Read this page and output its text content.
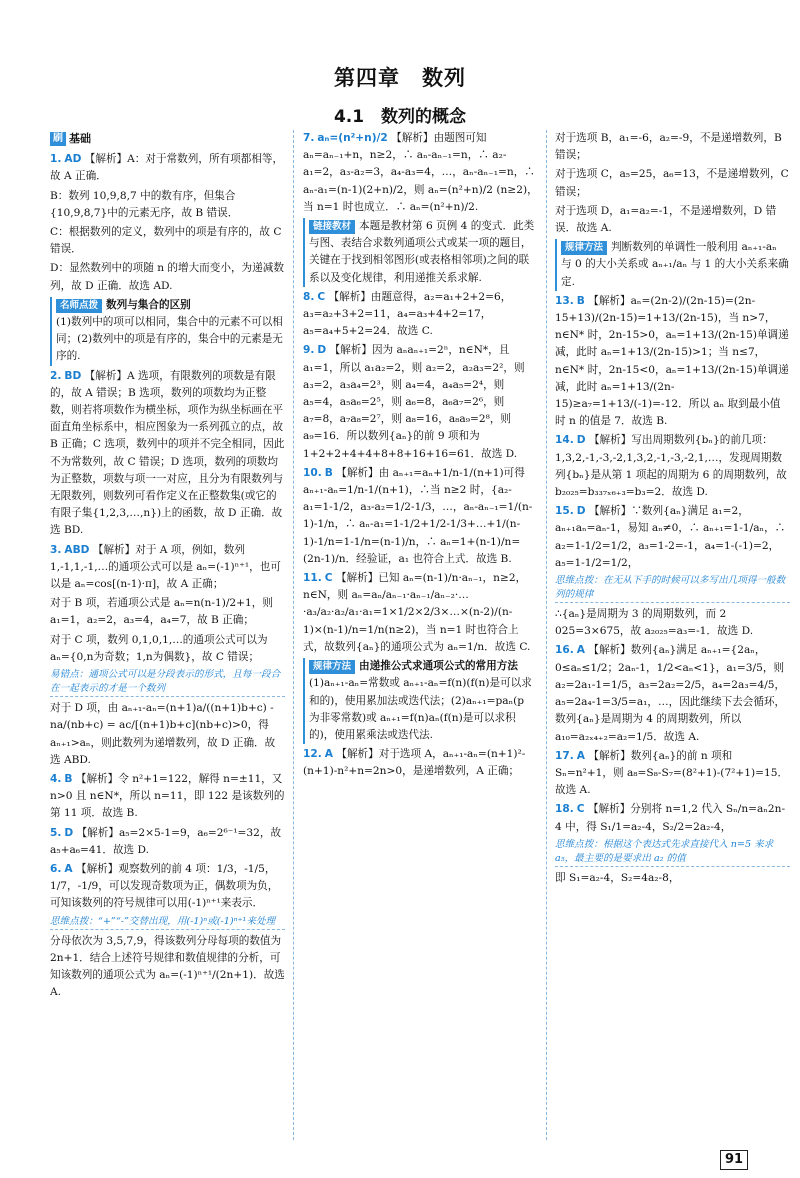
第四章　数列
4.1　数列的概念
刷 基础
1. AD 【解析】A：对于常数列，所有项都相等，故 A 正确．
B：数列 10,9,8,7 中的数有序，但集合{10,9,8,7}中的元素无序，故 B 错误．
C：根据数列的定义，数列中的项是有序的，故 C 错误．
D：显然数列中的项随 n 的增大而变小，为递减数列，故 D 正确．故选 AD.
名师点拨 数列与集合的区别
(1)数列中的项可以相同，集合中的元素不可以相同；(2)数列中的项是有序的，集合中的元素是无序的.
2. BD 【解析】A 选项，有限数列的项数是有限的，故 A 错误；B 选项，数列的项数均为正整数，则若将项数作为横坐标，项作为纵坐标画在平面直角坐标系中，相应图象为一系列孤立的点，故 B 正确；C 选项，数列中的项并不完全相同，因此不为常数列，故 C 错误；D 选项，数列的项数均为正整数，项数与项一一对应，且分为有限数列与无限数列，则数列可看作定义在正整数集(或它的有限子集{1,2,3,…,n})上的函数，故 D 正确．故选 BD.
3. ABD 【解析】对于 A 项，例如，数列 1,-1,1,-1,…的通项公式可以是 aₙ=(-1)ⁿ⁺¹，也可以是 aₙ=cos[(n-1)·π]，故 A 正确；
对于 B 项，若通项公式是 aₙ=n(n-1)/2+1，则 a₁=1，a₂=2，a₃=4，a₄=7，故 B 正确；
对于 C 项，数列 0,1,0,1,…的通项公式可以为 aₙ={0,n为奇数；1,n为偶数}，故 C 错误；
易错点：通项公式可以是分段表示的形式，且每一段合在一起表示的才是一个数列
对于 D 项，由 aₙ₊₁-aₙ=(n+1)a/((n+1)b+c) - na/(nb+c) = ac/[(n+1)b+c](nb+c)>0，得 aₙ₊₁>aₙ，则此数列为递增数列，故 D 正确．故选 ABD.
4. B 【解析】令 n²+1=122，解得 n=±11，又 n>0 且 n∈N*，所以 n=11，即 122 是该数列的第 11 项．故选 B.
5. D 【解析】a₅=2×5-1=9，a₆=2⁶⁻¹=32，故 a₅+a₆=41．故选 D.
6. A 【解析】观察数列的前 4 项：1/3，-1/5，1/7，-1/9，可以发现奇数项为正，偶数项为负，可知该数列的符号规律可以用(-1)ⁿ⁺¹来表示．
思维点拨：“+”“-”交替出现，用(-1)ⁿ或(-1)ⁿ⁺¹来处理
分母依次为 3,5,7,9，得该数列分母每项的数值为 2n+1．结合上述符号规律和数值规律的分析，可知该数列的通项公式为 aₙ=(-1)ⁿ⁺¹/(2n+1)．故选 A.
7. aₙ=(n²+n)/2 【解析】由题图可知 aₙ=aₙ₋₁+n，n≥2，∴ aₙ-aₙ₋₁=n，∴ a₂-a₁=2，a₃-a₂=3，a₄-a₃=4，…，aₙ-aₙ₋₁=n，∴ aₙ-a₁=(n-1)(2+n)/2，则 aₙ=(n²+n)/2 (n≥2)，当 n=1 时也成立．∴ aₙ=(n²+n)/2.
链接教材 本题是教材第 6 页例 4 的变式．此类与图、表结合求数列通项公式或某一项的题目，关键在于找到相邻图形(或表格相邻项)之间的联系以及变化规律，利用递推关系求解.
8. C 【解析】由题意得，a₂=a₁+2+2=6，a₃=a₂+3+2=11，a₄=a₃+4+2=17，a₅=a₄+5+2=24．故选 C.
9. D 【解析】因为 aₙaₙ₊₁=2ⁿ，n∈N*，且 a₁=1，所以 a₁a₂=2，则 a₂=2，a₂a₃=2²，则 a₃=2，a₃a₄=2³，则 a₄=4，a₄a₅=2⁴，则 a₅=4，a₅a₆=2⁵，则 a₆=8，a₆a₇=2⁶，则 a₇=8，a₇a₈=2⁷，则 a₈=16，a₈a₉=2⁸，则 a₉=16．所以数列{aₙ}的前 9 项和为 1+2+2+4+4+8+8+16+16=61．故选 D.
10. B 【解析】由 aₙ₊₁=aₙ+1/n-1/(n+1)可得 aₙ₊₁-aₙ=1/n-1/(n+1)，∴当 n≥2 时，{a₂-a₁=1-1/2，a₃-a₂=1/2-1/3，…，aₙ-aₙ₋₁=1/(n-1)-1/n，∴ aₙ-a₁=1-1/2+1/2-1/3+…+1/(n-1)-1/n=1-1/n=(n-1)/n，∴ aₙ=1+(n-1)/n=(2n-1)/n．经验证，a₁ 也符合上式．故选 B.
11. C 【解析】已知 aₙ=(n-1)/n·aₙ₋₁，n≥2，n∈N，则 aₙ=aₙ/aₙ₋₁·aₙ₋₁/aₙ₋₂·…·a₃/a₂·a₂/a₁·a₁=1×1/2×2/3×…×(n-2)/(n-1)×(n-1)/n=1/n(n≥2)，当 n=1 时也符合上式，故数列{aₙ}的通项公式为 aₙ=1/n．故选 C.
规律方法 由递推公式求通项公式的常用方法
(1)aₙ₊₁-aₙ=常数或 aₙ₊₁-aₙ=f(n)(f(n)是可以求和的)，使用累加法或迭代法；(2)aₙ₊₁=paₙ(p 为非零常数)或 aₙ₊₁=f(n)aₙ(f(n)是可以求积的)，使用累乘法或迭代法.
12. A 【解析】对于选项 A，aₙ₊₁-aₙ=(n+1)²-(n+1)-n²+n=2n>0，是递增数列，A 正确；
对于选项 B，a₁=-6，a₂=-9，不是递增数列，B 错误；
对于选项 C，a₅=25，a₆=13，不是递增数列，C 错误；
对于选项 D，a₁=a₂=-1，不是递增数列，D 错误．故选 A.
规律方法 判断数列的单调性一般利用 aₙ₊₁-aₙ 与 0 的大小关系或 aₙ₊₁/aₙ 与 1 的大小关系来确定.
13. B 【解析】aₙ=(2n-2)/(2n-15)=(2n-15+13)/(2n-15)=1+13/(2n-15)，当 n>7，n∈N* 时，2n-15>0，aₙ=1+13/(2n-15)单调递减，此时 aₙ=1+13/(2n-15)>1；当 n≤7，n∈N* 时，2n-15<0，aₙ=1+13/(2n-15)单调递减，此时 aₙ=1+13/(2n-15)≥a₇=1+13/(-1)=-12．所以 aₙ 取到最小值时 n 的值是 7．故选 B.
14. D 【解析】写出周期数列{bₙ}的前几项：1,3,2,-1,-3,-2,1,3,2,-1,-3,-2,1,…，发现周期数列{bₙ}是从第 1 项起的周期为 6 的周期数列，故 b₂₀₂₅=b₃₃₇ₓ₆₊₃=b₃=2．故选 D.
15. D 【解析】∵数列{aₙ}满足 a₁=2，aₙ₊₁aₙ=aₙ-1，易知 aₙ≠0，∴ aₙ₊₁=1-1/aₙ，∴ a₂=1-1/2=1/2，a₃=1-2=-1，a₄=1-(-1)=2，a₅=1-1/2=1/2，
思维点拨：在无从下手的时候可以多写出几项得一般数列的规律
∴{aₙ}是周期为 3 的周期数列，而 2 025=3×675，故 a₂₀₂₅=a₃=-1．故选 D.
16. A 【解析】数列{aₙ}满足 aₙ₊₁={2aₙ，0≤aₙ≤1/2；2aₙ-1，1/2<aₙ<1}，a₁=3/5，则 a₂=2a₁-1=1/5，a₃=2a₂=2/5，a₄=2a₃=4/5，a₅=2a₄-1=3/5=a₁，…，因此继续下去会循环，数列{aₙ}是周期为 4 的周期数列，所以 a₁₀=a₂ₓ₄₊₂=a₂=1/5．故选 A.
17. A 【解析】数列{aₙ}的前 n 项和 Sₙ=n²+1，则 a₈=S₈-S₇=(8²+1)-(7²+1)=15．故选 A.
18. C 【解析】分别将 n=1,2 代入 Sₙ/n=aₙ2n-4 中，得 S₁/1=a₂-4，S₂/2=2a₂-4，
思维点拨：根据这个表达式先求直接代入 n=5 来求 a₅，最主要的是要求出 a₂ 的值
即 S₁=a₂-4，S₂=4a₂-8，
91
